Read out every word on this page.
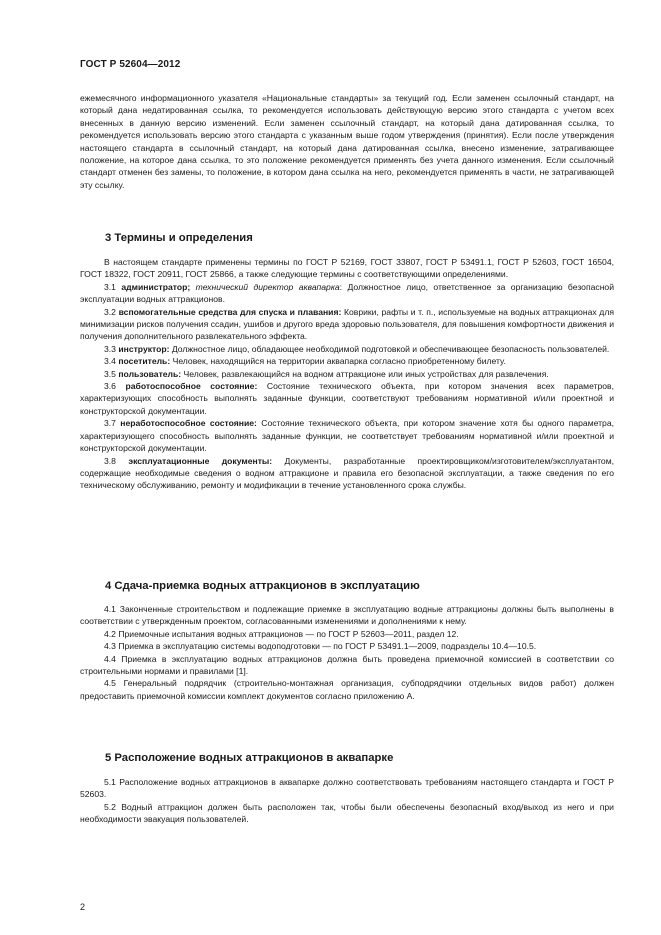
ГОСТ Р 52604—2012

ежемесячного информационного указателя «Национальные стандарты» за текущий год. Если заменен ссылочный стандарт, на который дана недатированная ссылка, то рекомендуется использовать действующую версию этого стандарта с учетом всех внесенных в данную версию изменений. Если заменен ссылочный стандарт, на который дана датированная ссылка, то рекомендуется использовать версию этого стандарта с указанным выше годом утверждения (принятия). Если после утверждения настоящего стандарта в ссылочный стандарт, на который дана датированная ссылка, внесено изменение, затрагивающее положение, на которое дана ссылка, то это положение рекомендуется применять без учета данного изменения. Если ссылочный стандарт отменен без замены, то положение, в котором дана ссылка на него, рекомендуется применять в части, не затрагивающей эту ссылку.

3 Термины и определения

В настоящем стандарте применены термины по ГОСТ Р 52169, ГОСТ 33807, ГОСТ Р 53491.1, ГОСТ Р 52603, ГОСТ 16504, ГОСТ 18322, ГОСТ 20911, ГОСТ 25866, а также следующие термины с соответствующими определениями.

3.1 администратор; технический директор аквапарка: Должностное лицо, ответственное за организацию безопасной эксплуатации водных аттракционов.

3.2 вспомогательные средства для спуска и плавания: Коврики, рафты и т. п., используемые на водных аттракционах для минимизации рисков получения ссадин, ушибов и другого вреда здоровью пользователя, для повышения комфортности движения и получения дополнительного развлекательного эффекта.

3.3 инструктор: Должностное лицо, обладающее необходимой подготовкой и обеспечивающее безопасность пользователей.

3.4 посетитель: Человек, находящийся на территории аквапарка согласно приобретенному билету.

3.5 пользователь: Человек, развлекающийся на водном аттракционе или иных устройствах для развлечения.

3.6 работоспособное состояние: Состояние технического объекта, при котором значения всех параметров, характеризующих способность выполнять заданные функции, соответствуют требованиям нормативной и/или проектной и конструкторской документации.

3.7 неработоспособное состояние: Состояние технического объекта, при котором значение хотя бы одного параметра, характеризующего способность выполнять заданные функции, не соответствует требованиям нормативной и/или проектной и конструкторской документации.

3.8 эксплуатационные документы: Документы, разработанные проектировщиком/изготовителем/эксплуатантом, содержащие необходимые сведения о водном аттракционе и правила его безопасной эксплуатации, а также сведения по его техническому обслуживанию, ремонту и модификации в течение установленного срока службы.

4 Сдача-приемка водных аттракционов в эксплуатацию

4.1 Законченные строительством и подлежащие приемке в эксплуатацию водные аттракционы должны быть выполнены в соответствии с утвержденным проектом, согласованными изменениями и дополнениями к нему.

4.2 Приемочные испытания водных аттракционов — по ГОСТ Р 52603—2011, раздел 12.

4.3 Приемка в эксплуатацию системы водоподготовки — по ГОСТ Р 53491.1—2009, подразделы 10.4—10.5.

4.4 Приемка в эксплуатацию водных аттракционов должна быть проведена приемочной комиссией в соответствии со строительными нормами и правилами [1].

4.5 Генеральный подрядчик (строительно-монтажная организация, субподрядчики отдельных видов работ) должен предоставить приемочной комиссии комплект документов согласно приложению А.

5 Расположение водных аттракционов в аквапарке

5.1 Расположение водных аттракционов в аквапарке должно соответствовать требованиям настоящего стандарта и ГОСТ Р 52603.

5.2 Водный аттракцион должен быть расположен так, чтобы были обеспечены безопасный вход/выход из него и при необходимости эвакуация пользователей.

2
